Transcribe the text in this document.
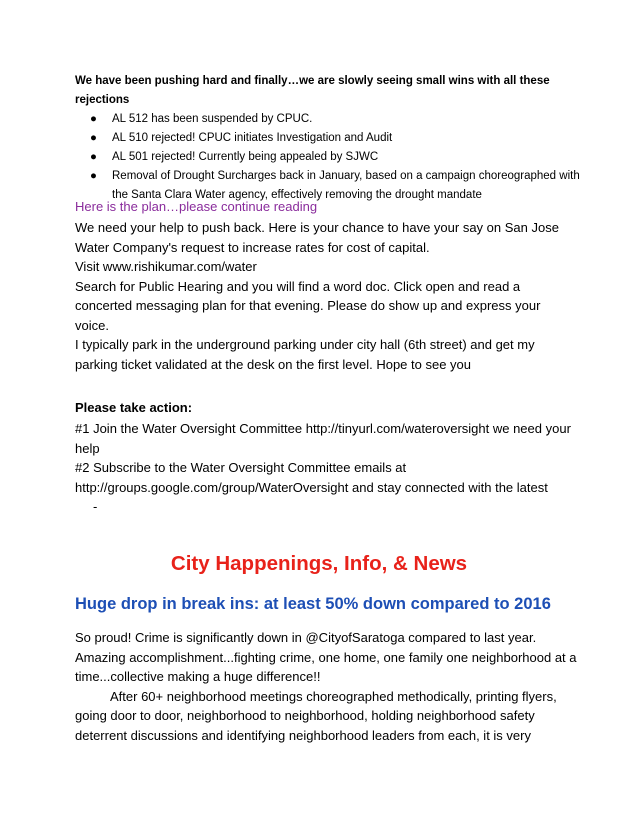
We have been pushing hard and finally…we are slowly seeing small wins with all these
rejections
● AL 512 has been suspended by CPUC.
● AL 510 rejected! CPUC initiates Investigation and Audit
● AL 501 rejected! Currently being appealed by SJWC
● Removal of Drought Surcharges back in January, based on a campaign choreographed with
the Santa Clara Water agency, effectively removing the drought mandate
Here is the plan…please continue reading
We need your help to push back. Here is your chance to have your say on San Jose
Water Company's request to increase rates for cost of capital.
Visit www.rishikumar.com/water
Search for Public Hearing and you will find a word doc. Click open and read a
concerted messaging plan for that evening. Please do show up and express your
voice.
I typically park in the underground parking under city hall (6th street) and get my
parking ticket validated at the desk on the first level. Hope to see you
Please take action:
#1 Join the Water Oversight Committee http://tinyurl.com/wateroversight we need your
help
#2 Subscribe to the Water Oversight Committee emails at
http://groups.google.com/group/WaterOversight and stay connected with the latest
-
City Happenings, Info, & News
Huge drop in break ins: at least 50% down compared to 2016
So proud! Crime is significantly down in @CityofSaratoga compared to last year.
Amazing accomplishment...fighting crime, one home, one family one neighborhood at a
time...collective making a huge difference!!
After 60+ neighborhood meetings choreographed methodically, printing flyers,
going door to door, neighborhood to neighborhood, holding neighborhood safety
deterrent discussions and identifying neighborhood leaders from each, it is very
